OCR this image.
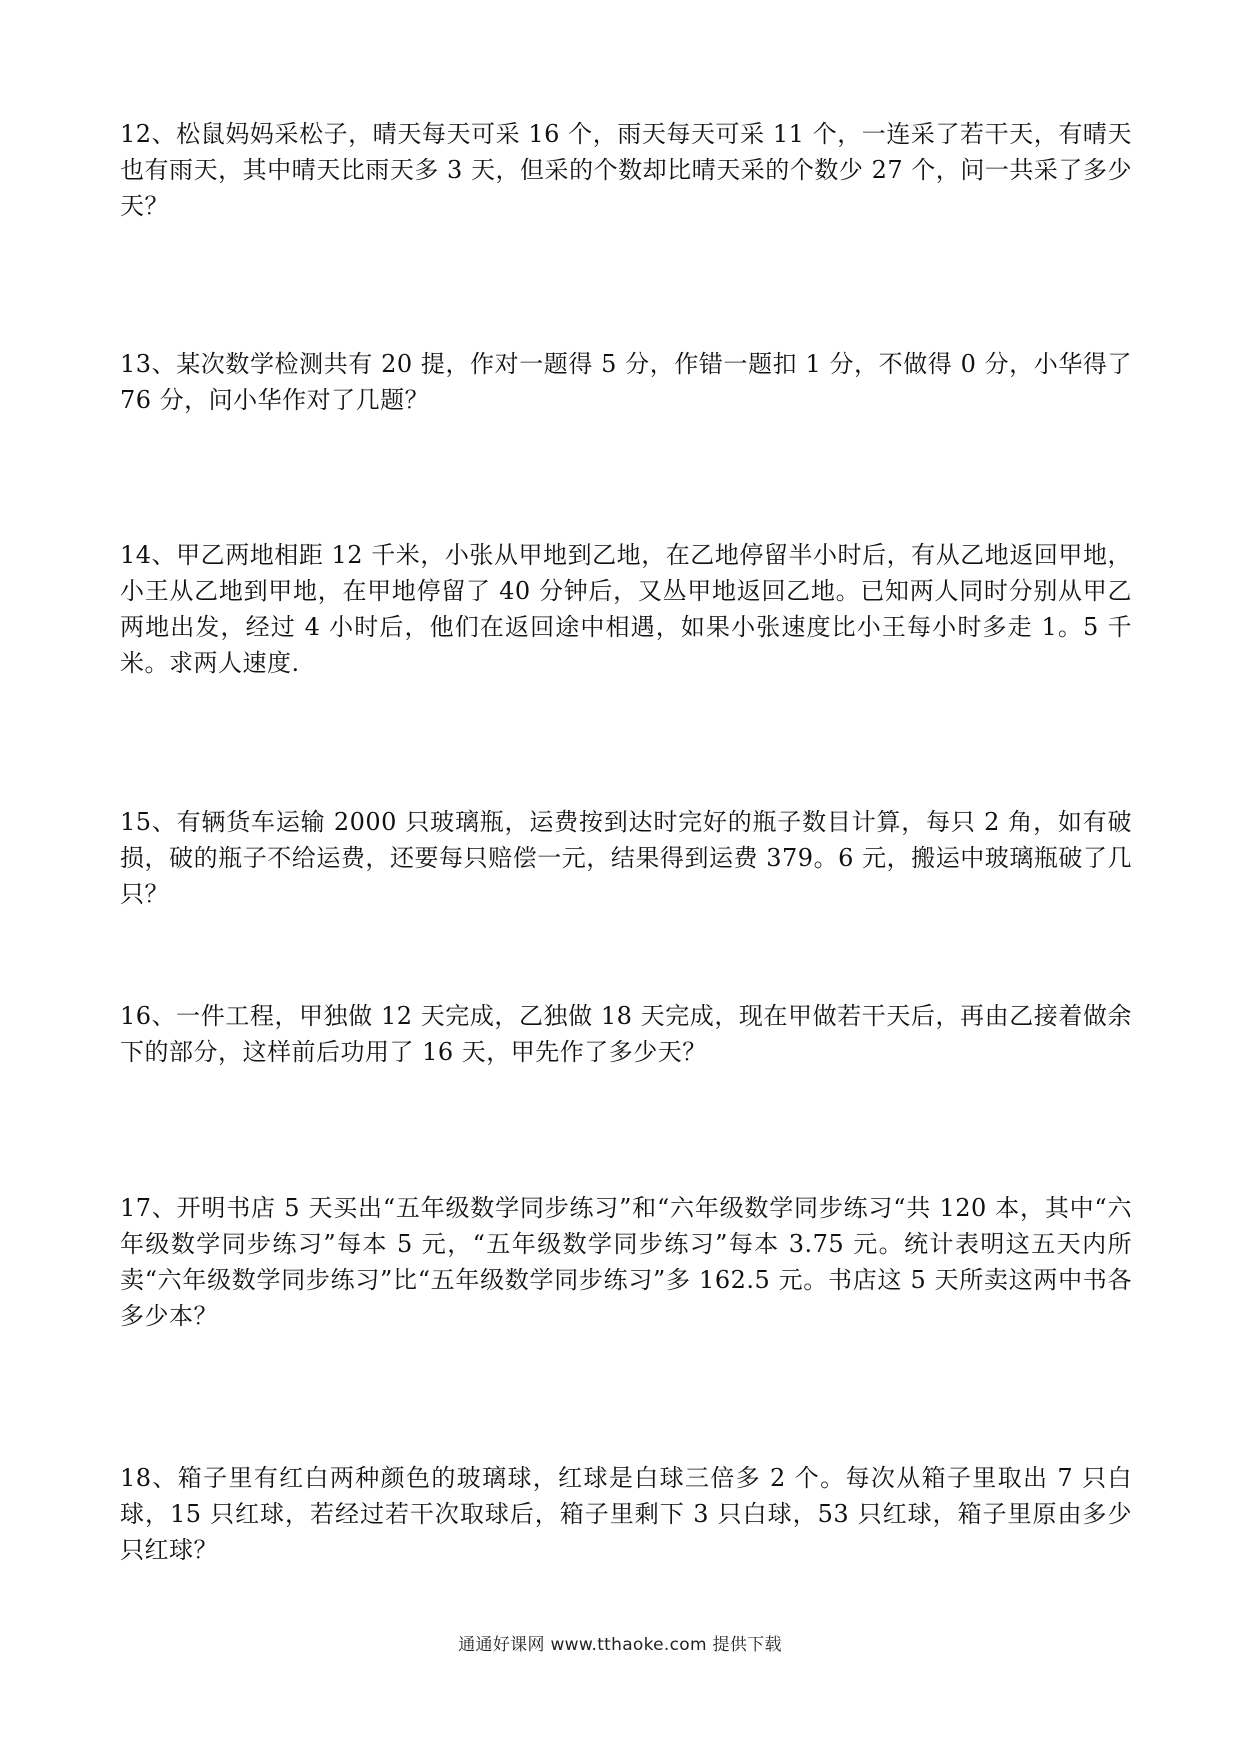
12、松鼠妈妈采松子，晴天每天可采 16 个，雨天每天可采 11 个，一连采了若干天，有晴天也有雨天，其中晴天比雨天多 3 天，但采的个数却比晴天采的个数少 27 个，问一共采了多少天？

13、某次数学检测共有 20 提，作对一题得 5 分，作错一题扣 1 分，不做得 0 分，小华得了 76 分，问小华作对了几题？

14、甲乙两地相距 12 千米，小张从甲地到乙地，在乙地停留半小时后，有从乙地返回甲地，小王从乙地到甲地，在甲地停留了 40 分钟后，又丛甲地返回乙地。已知两人同时分别从甲乙两地出发，经过 4 小时后，他们在返回途中相遇，如果小张速度比小王每小时多走 1。5 千米。求两人速度.

15、有辆货车运输 2000 只玻璃瓶，运费按到达时完好的瓶子数目计算，每只 2 角，如有破损，破的瓶子不给运费，还要每只赔偿一元，结果得到运费 379。6 元，搬运中玻璃瓶破了几只？

16、一件工程，甲独做 12 天完成，乙独做 18 天完成，现在甲做若干天后，再由乙接着做余下的部分，这样前后功用了 16 天，甲先作了多少天？

17、开明书店 5 天买出“五年级数学同步练习”和“六年级数学同步练习“共 120 本，其中“六年级数学同步练习”每本 5 元，“五年级数学同步练习”每本 3.75 元。统计表明这五天内所卖“六年级数学同步练习”比“五年级数学同步练习”多 162.5 元。书店这 5 天所卖这两中书各多少本？

18、箱子里有红白两种颜色的玻璃球，红球是白球三倍多 2 个。每次从箱子里取出 7 只白球，15 只红球，若经过若干次取球后，箱子里剩下 3 只白球，53 只红球，箱子里原由多少只红球？

通通好课网 www.tthaoke.com 提供下载
